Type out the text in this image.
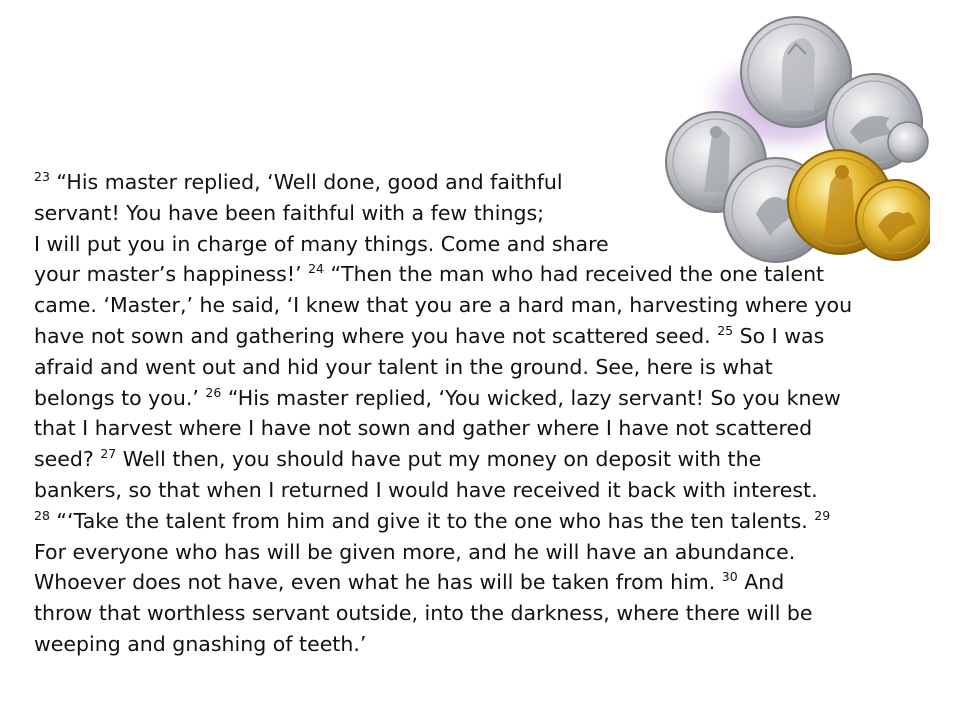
$^{23}$ “His master replied, ‘Well done, good and faithful
servant! You have been faithful with a few things;
I will put you in charge of many things. Come and share
your master’s happiness!’ $^{24}$ “Then the man who had received the one talent
came. ‘Master,’ he said, ‘I knew that you are a hard man, harvesting where you
have not sown and gathering where you have not scattered seed. $^{25}$ So I was
afraid and went out and hid your talent in the ground. See, here is what
belongs to you.’ $^{26}$ “His master replied, ‘You wicked, lazy servant! So you knew
that I harvest where I have not sown and gather where I have not scattered
seed? $^{27}$ Well then, you should have put my money on deposit with the
bankers, so that when I returned I would have received it back with interest.
$^{28}$ “‘Take the talent from him and give it to the one who has the ten talents. $^{29}$
For everyone who has will be given more, and he will have an abundance.
Whoever does not have, even what he has will be taken from him. $^{30}$ And
throw that worthless servant outside, into the darkness, where there will be
weeping and gnashing of teeth.’
